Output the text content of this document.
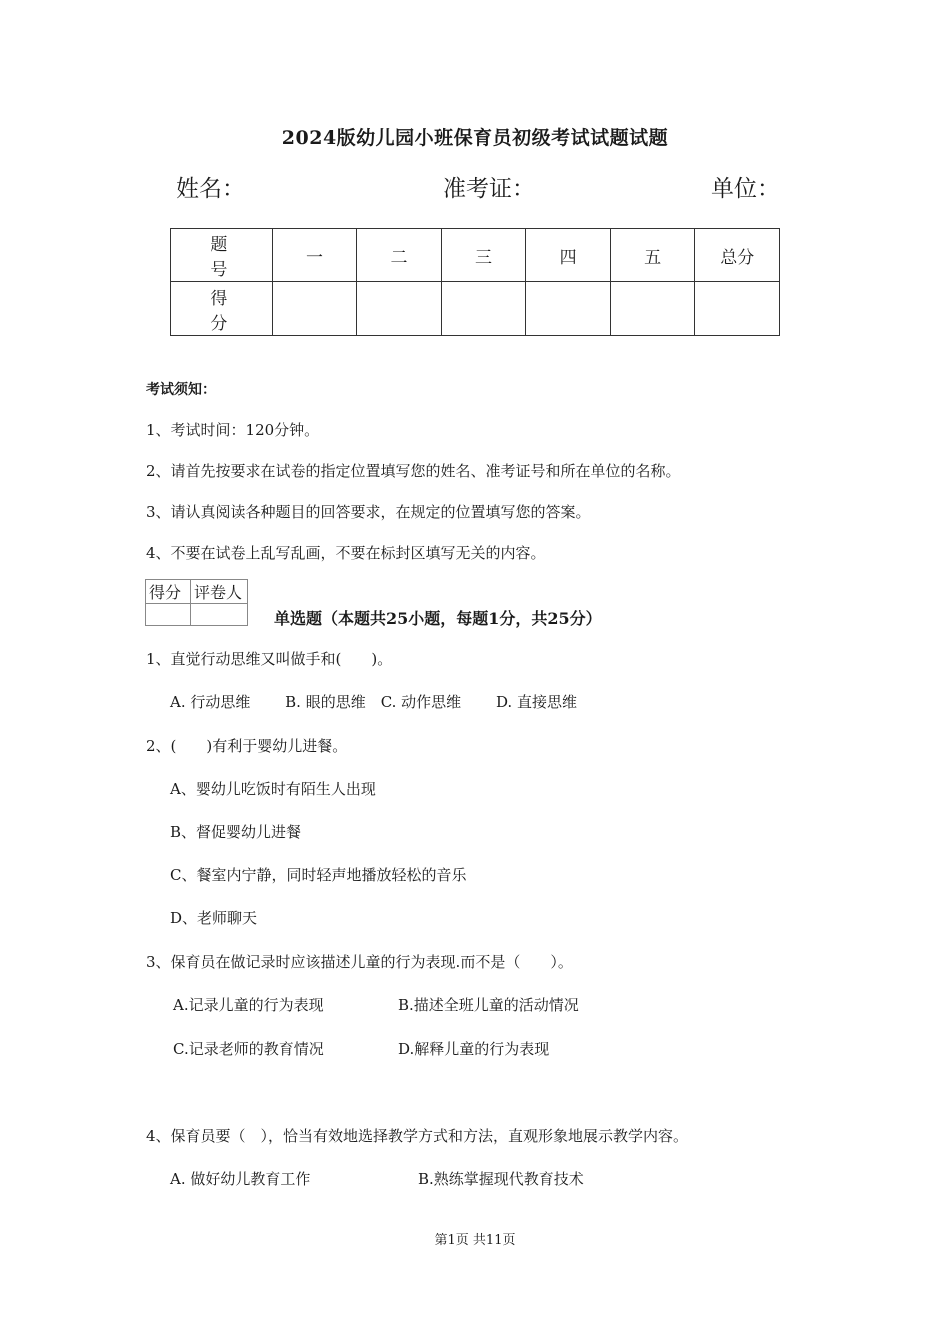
2024版幼儿园小班保育员初级考试试题试题
姓名：	准考证：	单位：
题　号	一	二	三	四	五	总分
得　分						
考试须知：
1、考试时间：120分钟。
2、请首先按要求在试卷的指定位置填写您的姓名、准考证号和所在单位的名称。
3、请认真阅读各种题目的回答要求，在规定的位置填写您的答案。
4、不要在试卷上乱写乱画，不要在标封区填写无关的内容。
得分	评卷人

单选题（本题共25小题，每题1分，共25分）
1、直觉行动思维又叫做手和(　　)。
A. 行动思维　　 B. 眼的思维　C. 动作思维　　 D. 直接思维
2、(　　)有利于婴幼儿进餐。
A、婴幼儿吃饭时有陌生人出现
B、督促婴幼儿进餐
C、餐室内宁静，同时轻声地播放轻松的音乐
D、老师聊天
3、保育员在做记录时应该描述儿童的行为表现.而不是（　　）。
A.记录儿童的行为表现	B.描述全班儿童的活动情况
C.记录老师的教育情况	D.解释儿童的行为表现
4、保育员要（　），恰当有效地选择教学方式和方法，直观形象地展示教学内容。
A. 做好幼儿教育工作	B.熟练掌握现代教育技术
第1页 共11页
